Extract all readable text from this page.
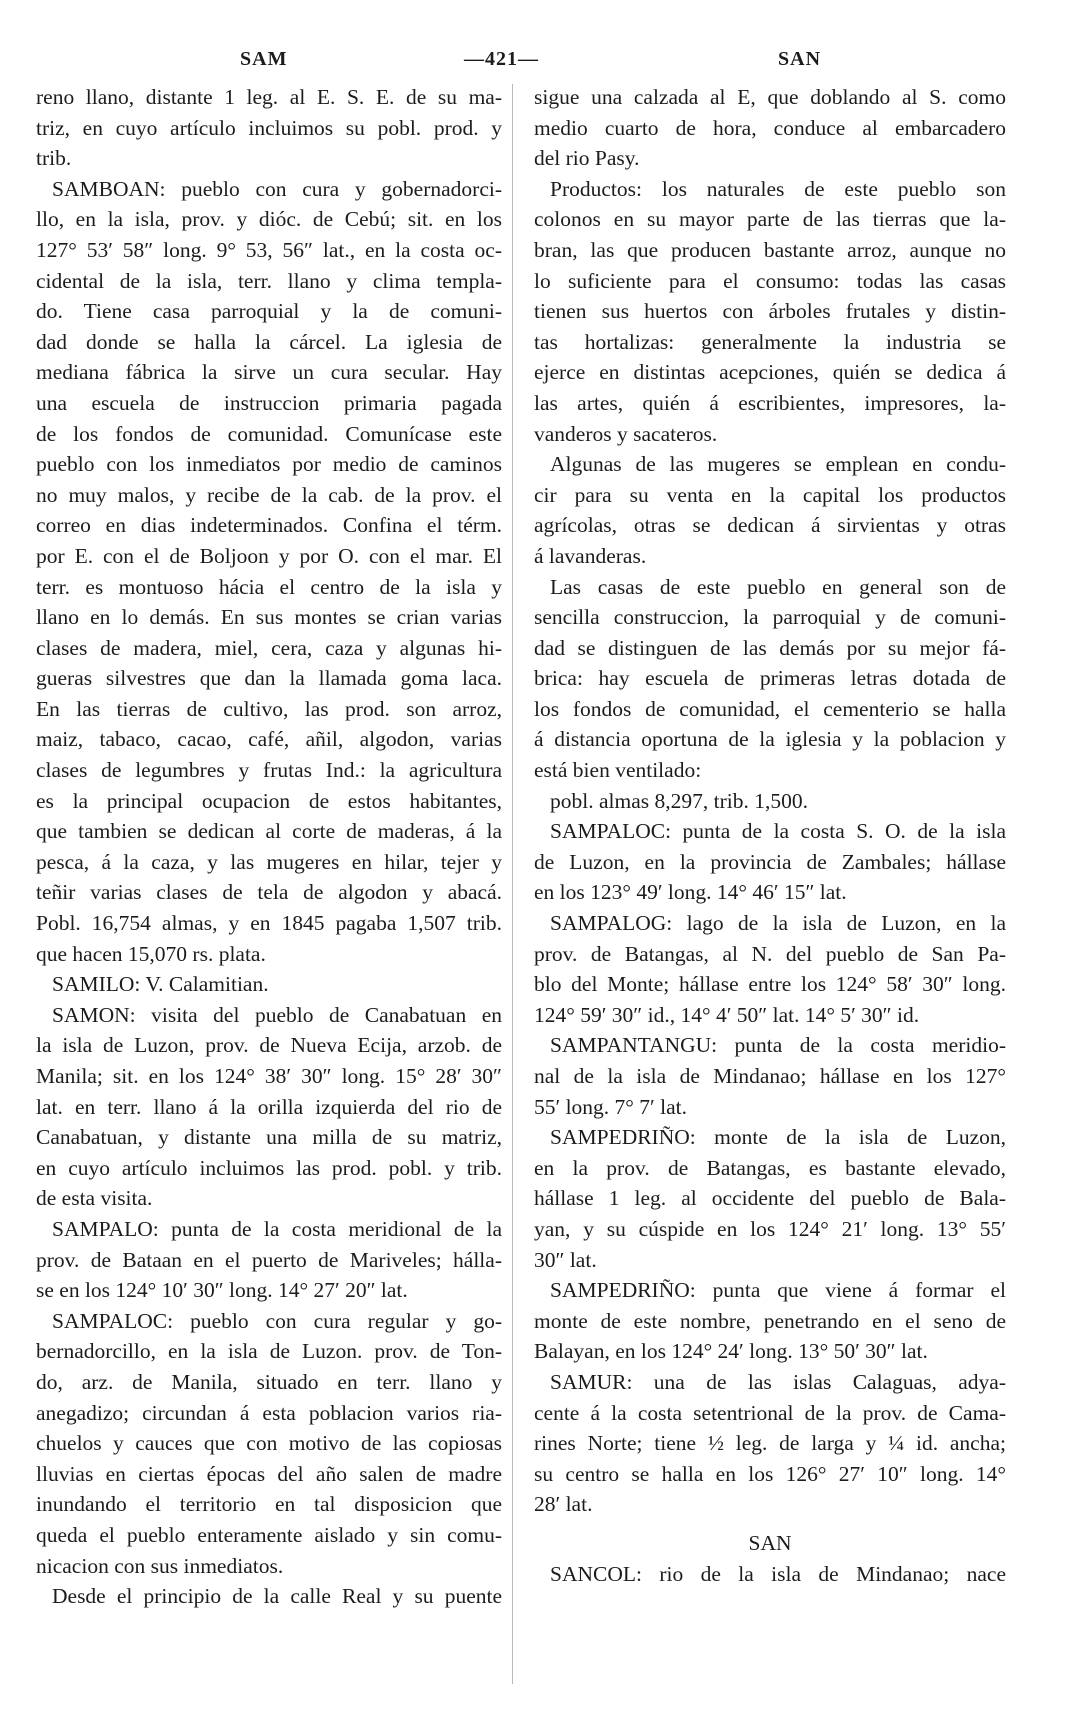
SAM	—421—	SAN
reno llano, distante 1 leg. al E. S. E. de su ma-
triz, en cuyo artículo incluimos su pobl. prod. y
trib.
SAMBOAN: pueblo con cura y gobernadorci-
llo, en la isla, prov. y dióc. de Cebú; sit. en los
127° 53′ 58″ long. 9° 53, 56″ lat., en la costa oc-
cidental de la isla, terr. llano y clima templa-
do. Tiene casa parroquial y la de comuni-
dad donde se halla la cárcel. La iglesia de
mediana fábrica la sirve un cura secular. Hay
una escuela de instruccion primaria pagada
de los fondos de comunidad. Comunícase este
pueblo con los inmediatos por medio de caminos
no muy malos, y recibe de la cab. de la prov. el
correo en dias indeterminados. Confina el térm.
por E. con el de Boljoon y por O. con el mar. El
terr. es montuoso hácia el centro de la isla y
llano en lo demás. En sus montes se crian varias
clases de madera, miel, cera, caza y algunas hi-
gueras silvestres que dan la llamada goma laca.
En las tierras de cultivo, las prod. son arroz,
maiz, tabaco, cacao, café, añil, algodon, varias
clases de legumbres y frutas Ind.: la agricultura
es la principal ocupacion de estos habitantes,
que tambien se dedican al corte de maderas, á la
pesca, á la caza, y las mugeres en hilar, tejer y
teñir varias clases de tela de algodon y abacá.
Pobl. 16,754 almas, y en 1845 pagaba 1,507 trib.
que hacen 15,070 rs. plata.
SAMILO: V. Calamitian.
SAMON: visita del pueblo de Canabatuan en
la isla de Luzon, prov. de Nueva Ecija, arzob. de
Manila; sit. en los 124° 38′ 30″ long. 15° 28′ 30″
lat. en terr. llano á la orilla izquierda del rio de
Canabatuan, y distante una milla de su matriz,
en cuyo artículo incluimos las prod. pobl. y trib.
de esta visita.
SAMPALO: punta de la costa meridional de la
prov. de Bataan en el puerto de Mariveles; hálla-
se en los 124° 10′ 30″ long. 14° 27′ 20″ lat.
SAMPALOC: pueblo con cura regular y go-
bernadorcillo, en la isla de Luzon. prov. de Ton-
do, arz. de Manila, situado en terr. llano y
anegadizo; circundan á esta poblacion varios ria-
chuelos y cauces que con motivo de las copiosas
lluvias en ciertas épocas del año salen de madre
inundando el territorio en tal disposicion que
queda el pueblo enteramente aislado y sin comu-
nicacion con sus inmediatos.
Desde el principio de la calle Real y su puente
sigue una calzada al E, que doblando al S. como
medio cuarto de hora, conduce al embarcadero
del rio Pasy.
Productos: los naturales de este pueblo son
colonos en su mayor parte de las tierras que la-
bran, las que producen bastante arroz, aunque no
lo suficiente para el consumo: todas las casas
tienen sus huertos con árboles frutales y distin-
tas hortalizas: generalmente la industria se
ejerce en distintas acepciones, quién se dedica á
las artes, quién á escribientes, impresores, la-
vanderos y sacateros.
Algunas de las mugeres se emplean en condu-
cir para su venta en la capital los productos
agrícolas, otras se dedican á sirvientas y otras
á lavanderas.
Las casas de este pueblo en general son de
sencilla construccion, la parroquial y de comuni-
dad se distinguen de las demás por su mejor fá-
brica: hay escuela de primeras letras dotada de
los fondos de comunidad, el cementerio se halla
á distancia oportuna de la iglesia y la poblacion y
está bien ventilado:
pobl. almas 8,297, trib. 1,500.
SAMPALOC: punta de la costa S. O. de la isla
de Luzon, en la provincia de Zambales; hállase
en los 123° 49′ long. 14° 46′ 15″ lat.
SAMPALOG: lago de la isla de Luzon, en la
prov. de Batangas, al N. del pueblo de San Pa-
blo del Monte; hállase entre los 124° 58′ 30″ long.
124° 59′ 30″ id., 14° 4′ 50″ lat. 14° 5′ 30″ id.
SAMPANTANGU: punta de la costa meridio-
nal de la isla de Mindanao; hállase en los 127°
55′ long. 7° 7′ lat.
SAMPEDRIÑO: monte de la isla de Luzon,
en la prov. de Batangas, es bastante elevado,
hállase 1 leg. al occidente del pueblo de Bala-
yan, y su cúspide en los 124° 21′ long. 13° 55′
30″ lat.
SAMPEDRIÑO: punta que viene á formar el
monte de este nombre, penetrando en el seno de
Balayan, en los 124° 24′ long. 13° 50′ 30″ lat.
SAMUR: una de las islas Calaguas, adya-
cente á la costa setentrional de la prov. de Cama-
rines Norte; tiene ½ leg. de larga y ¼ id. ancha;
su centro se halla en los 126° 27′ 10″ long. 14°
28′ lat.
SAN
SANCOL: rio de la isla de Mindanao; nace
